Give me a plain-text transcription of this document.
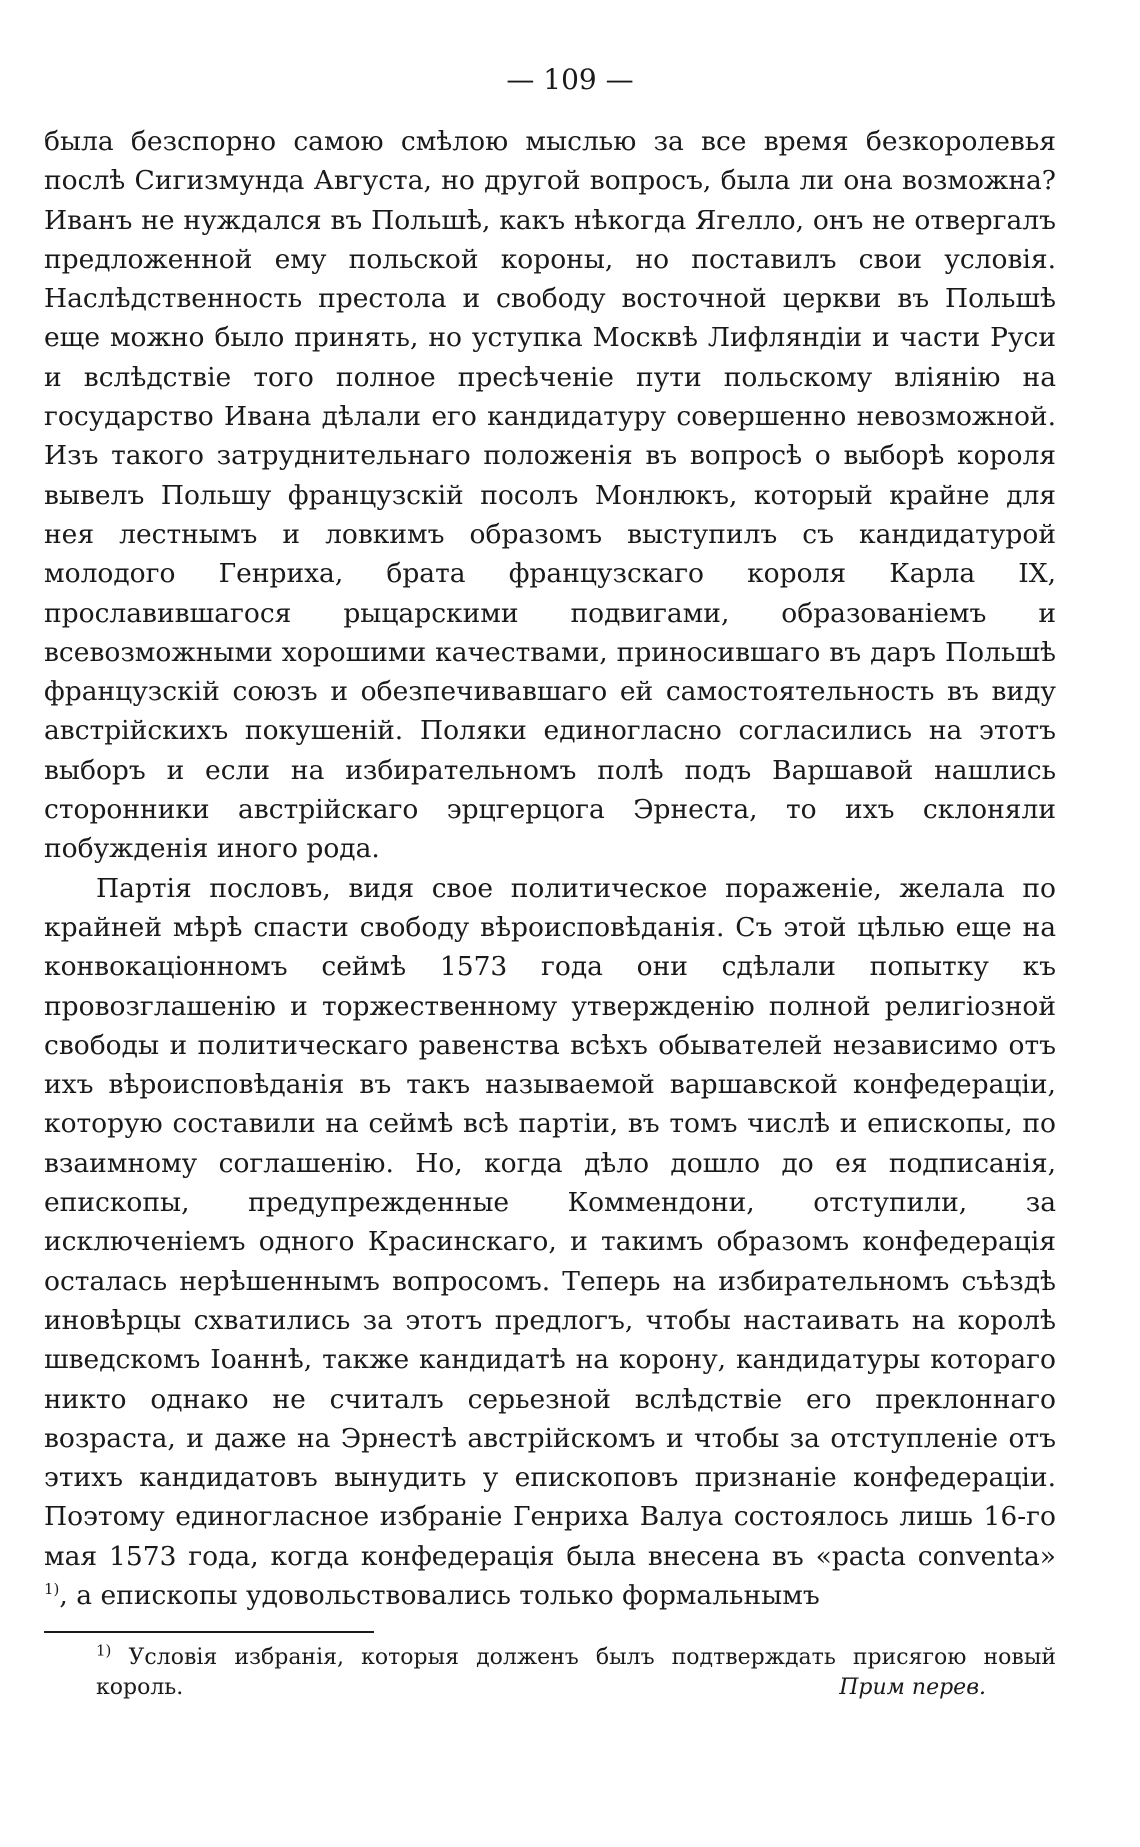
— 109 —

была безспорно самою смѣлою мыслью за все время безкоролевья послѣ Сигизмунда Августа, но другой вопросъ, была ли она возможна? Иванъ не нуждался въ Польшѣ, какъ нѣкогда Ягелло, онъ не отвергалъ предложенной ему польской короны, но поставилъ свои условія. Наслѣдственность престола и свободу восточной церкви въ Польшѣ еще можно было принять, но уступка Москвѣ Лифляндіи и части Руси и вслѣдствіе того полное пресѣченіе пути польскому вліянію на государство Ивана дѣлали его кандидатуру совершенно невозможной. Изъ такого затруднительнаго положенія въ вопросѣ о выборѣ короля вывелъ Польшу французскій посолъ Монлюкъ, который крайне для нея лестнымъ и ловкимъ образомъ выступилъ съ кандидатурой молодого Генриха, брата французскаго короля Карла IX, прославившагося рыцарскими подвигами, образованіемъ и всевозможными хорошими качествами, приносившаго въ даръ Польшѣ французскій союзъ и обезпечивавшаго ей самостоятельность въ виду австрійскихъ покушеній. Поляки единогласно согласились на этотъ выборъ и если на избирательномъ полѣ подъ Варшавой нашлись сторонники австрійскаго эрцгерцога Эрнеста, то ихъ склоняли побужденія иного рода.

Партія пословъ, видя свое политическое пораженіе, желала по крайней мѣрѣ спасти свободу вѣроисповѣданія. Съ этой цѣлью еще на конвокаціонномъ сеймѣ 1573 года они сдѣлали попытку къ провозглашенію и торжественному утвержденію полной религіозной свободы и политическаго равенства всѣхъ обывателей независимо отъ ихъ вѣроисповѣданія въ такъ называемой варшавской конфедераціи, которую составили на сеймѣ всѣ партіи, въ томъ числѣ и епископы, по взаимному соглашенію. Но, когда дѣло дошло до ея подписанія, епископы, предупрежденные Коммендони, отступили, за исключеніемъ одного Красинскаго, и такимъ образомъ конфедерація осталась нерѣшеннымъ вопросомъ. Теперь на избирательномъ съѣздѣ иновѣрцы схватились за этотъ предлогъ, чтобы настаивать на королѣ шведскомъ Іоаннѣ, также кандидатѣ на корону, кандидатуры котораго никто однако не считалъ серьезной вслѣдствіе его преклоннаго возраста, и даже на Эрнестѣ австрійскомъ и чтобы за отступленіе отъ этихъ кандидатовъ вынудить у епископовъ признаніе конфедераціи. Поэтому единогласное избраніе Генриха Валуа состоялось лишь 16-го мая 1573 года, когда конфедерація была внесена въ «pacta conventa» $^{1)}$, а епископы удовольствовались только формальнымъ

$^{1)}$ Условія избранія, которыя долженъ былъ подтверждать присягою новый король.	Прим перев.
